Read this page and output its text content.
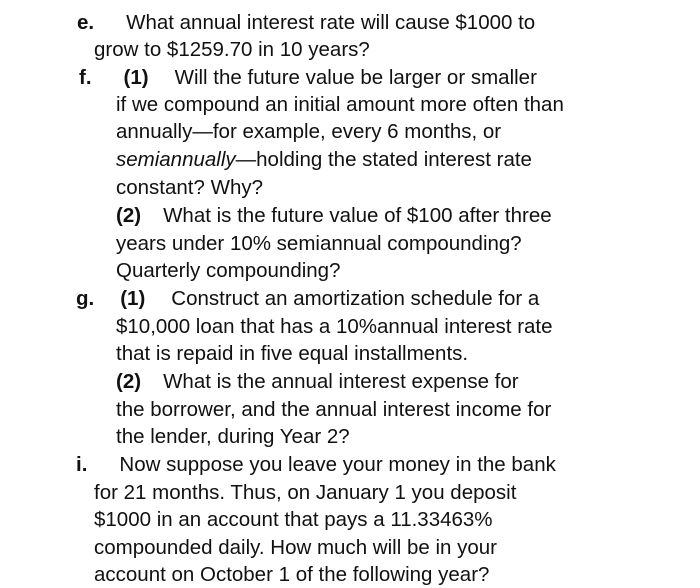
e. What annual interest rate will cause $1000 to
grow to $1259.70 in 10 years?
f. (1) Will the future value be larger or smaller
if we compound an initial amount more often than
annually—for example, every 6 months, or
semiannually—holding the stated interest rate
constant? Why?
(2) What is the future value of $100 after three
years under 10% semiannual compounding?
Quarterly compounding?
g. (1) Construct an amortization schedule for a
$10,000 loan that has a 10%annual interest rate
that is repaid in five equal installments.
(2) What is the annual interest expense for
the borrower, and the annual interest income for
the lender, during Year 2?
i. Now suppose you leave your money in the bank
for 21 months. Thus, on January 1 you deposit
$1000 in an account that pays a 11.33463%
compounded daily. How much will be in your
account on October 1 of the following year?
